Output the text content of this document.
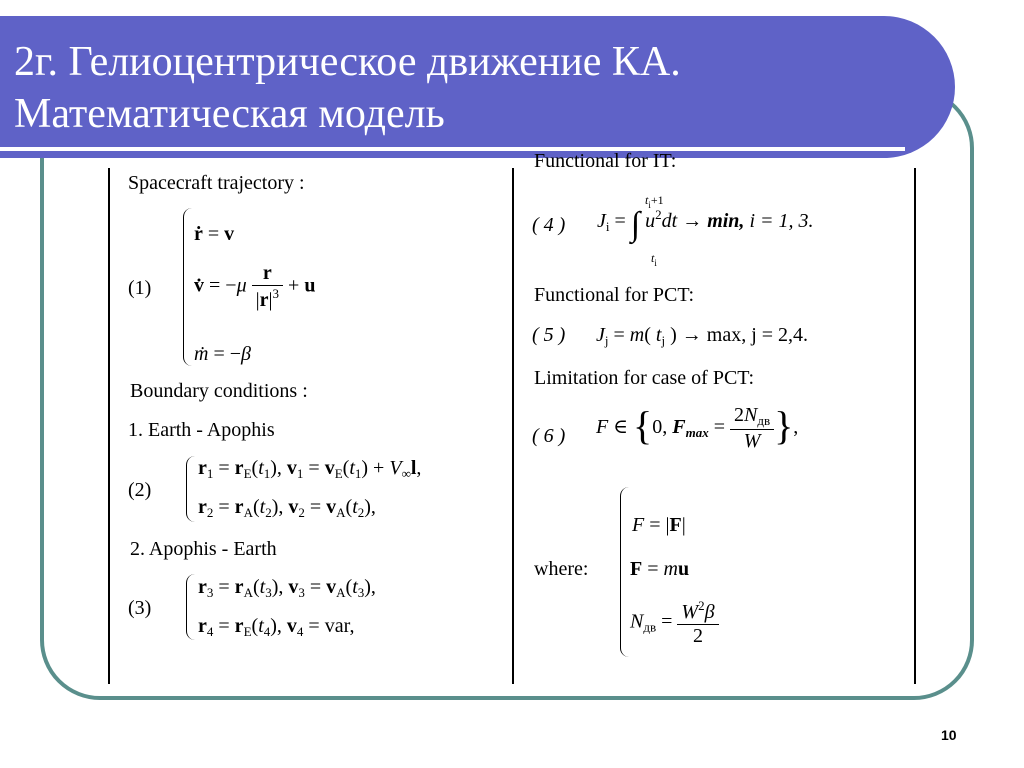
2г. Гелиоцентрическое движение КА.
Математическая модель
Spacecraft trajectory :
(1)
ṙ = v
v̇ = $-\mu \frac{r}{|r|^3} + u$
ṁ = −β
Boundary conditions :
1. Earth - Apophis
(2)
$r_1 = r_E(t_1)$, $v_1 = v_E(t_1) + V_\infty l$,
$r_2 = r_A(t_2)$, $v_2 = v_A(t_2)$,
2. Apophis - Earth
(3)
$r_3 = r_A(t_3)$, $v_3 = v_A(t_3)$,
$r_4 = r_E(t_4)$, $v_4$ = var,
Functional for IT:
( 4 )
$t_i+1$
$J_i$ = ∫ $u^2dt \to \min$, i = 1, 3.
$t_i$
Functional for PCT:
( 5 ) $J_j = m$( $t_j$ ) → max, j = 2,4.
Limitation for case of PCT:
( 6 ) F ∈ {0, $F_{max} = \frac{2N_{дв}}{W}$ },
where:
F = |F|
F = mu
$N_{дв} = \frac{W^2\beta}{2}$
10
